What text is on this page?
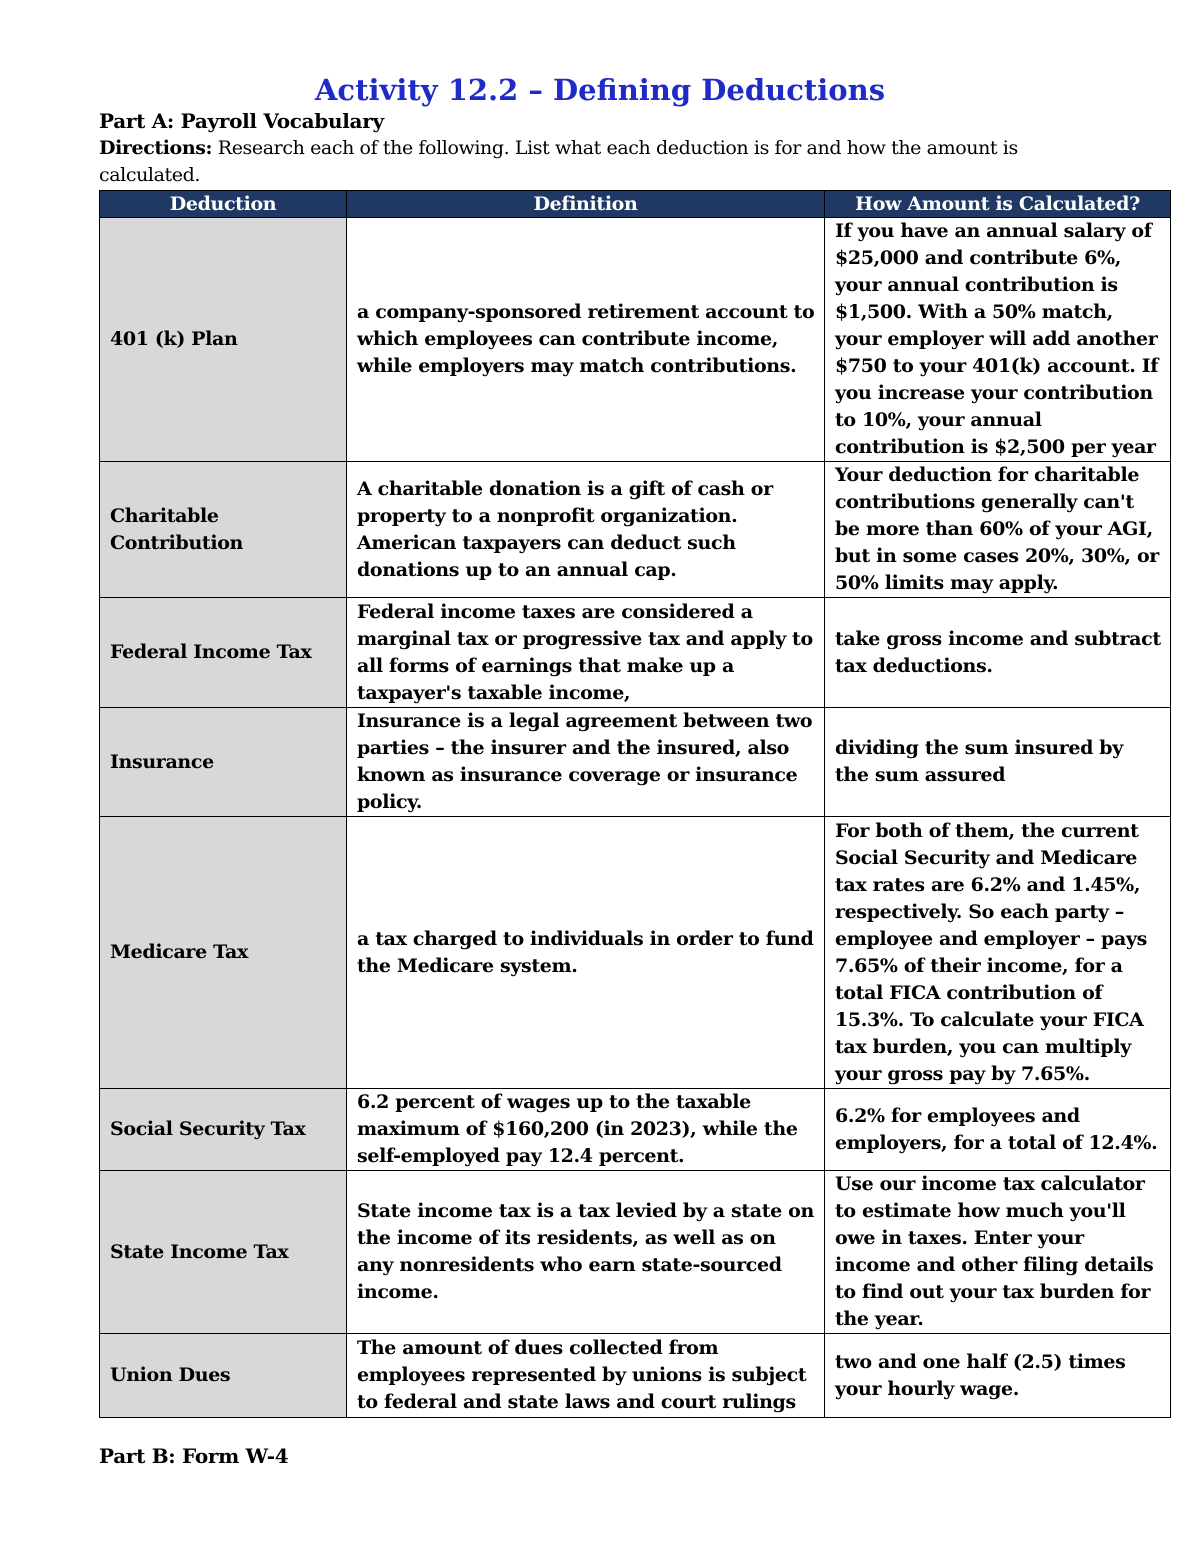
Activity 12.2 – Defining Deductions

Part A: Payroll Vocabulary

Directions: Research each of the following. List what each deduction is for and how the amount is calculated.

Deduction	Definition	How Amount is Calculated?
401 (k) Plan	a company-sponsored retirement account to which employees can contribute income, while employers may match contributions.	If you have an annual salary of $25,000 and contribute 6%, your annual contribution is $1,500. With a 50% match, your employer will add another $750 to your 401(k) account. If you increase your contribution to 10%, your annual contribution is $2,500 per year
Charitable Contribution	A charitable donation is a gift of cash or property to a nonprofit organization. American taxpayers can deduct such donations up to an annual cap.	Your deduction for charitable contributions generally can't be more than 60% of your AGI, but in some cases 20%, 30%, or 50% limits may apply.
Federal Income Tax	Federal income taxes are considered a marginal tax or progressive tax and apply to all forms of earnings that make up a taxpayer's taxable income,	take gross income and subtract tax deductions.
Insurance	Insurance is a legal agreement between two parties – the insurer and the insured, also known as insurance coverage or insurance policy.	dividing the sum insured by the sum assured
Medicare Tax	a tax charged to individuals in order to fund the Medicare system.	For both of them, the current Social Security and Medicare tax rates are 6.2% and 1.45%, respectively. So each party – employee and employer – pays 7.65% of their income, for a total FICA contribution of 15.3%. To calculate your FICA tax burden, you can multiply your gross pay by 7.65%.
Social Security Tax	6.2 percent of wages up to the taxable maximum of $160,200 (in 2023), while the self-employed pay 12.4 percent.	6.2% for employees and employers, for a total of 12.4%.
State Income Tax	State income tax is a tax levied by a state on the income of its residents, as well as on any nonresidents who earn state-sourced income.	Use our income tax calculator to estimate how much you'll owe in taxes. Enter your income and other filing details to find out your tax burden for the year.
Union Dues	The amount of dues collected from employees represented by unions is subject to federal and state laws and court rulings	two and one half (2.5) times your hourly wage.

Part B: Form W-4
